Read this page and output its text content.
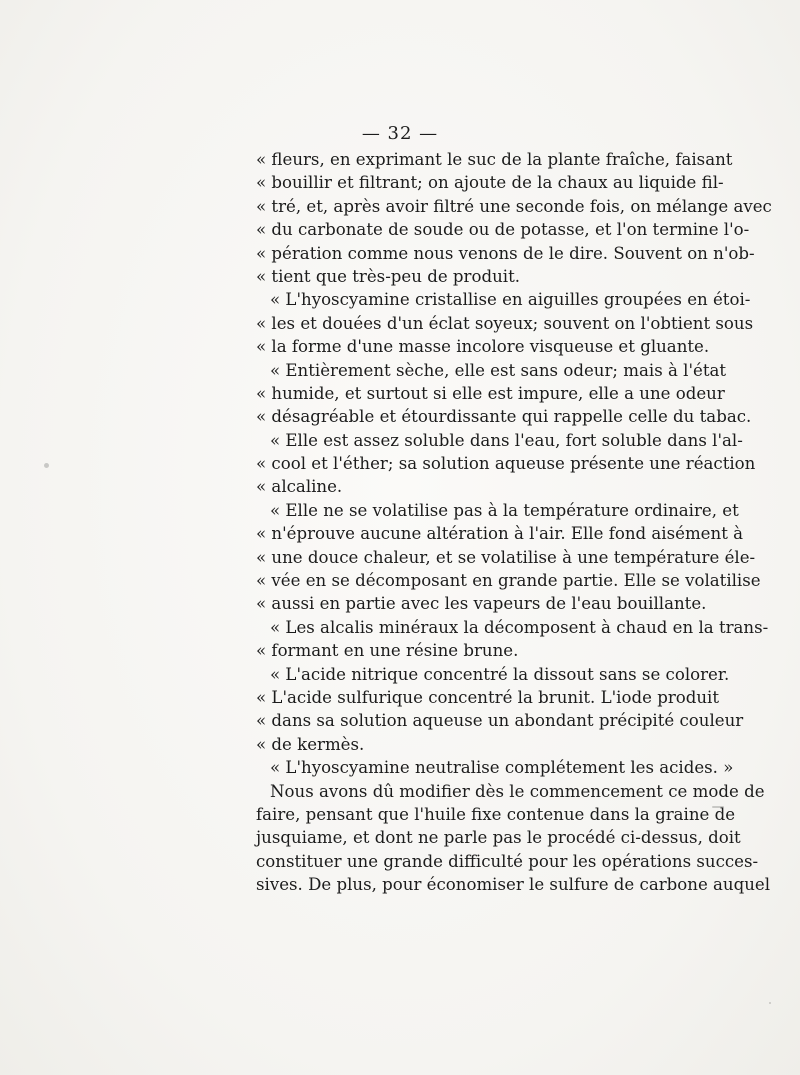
— 32 —
« fleurs, en exprimant le suc de la plante fraîche, faisant
« bouillir et filtrant; on ajoute de la chaux au liquide fil-
« tré, et, après avoir filtré une seconde fois, on mélange avec
« du carbonate de soude ou de potasse, et l'on termine l'o-
« pération comme nous venons de le dire. Souvent on n'ob-
« tient que très-peu de produit.
« L'hyoscyamine cristallise en aiguilles groupées en étoi-
« les et douées d'un éclat soyeux; souvent on l'obtient sous
« la forme d'une masse incolore visqueuse et gluante.
« Entièrement sèche, elle est sans odeur; mais à l'état
« humide, et surtout si elle est impure, elle a une odeur
« désagréable et étourdissante qui rappelle celle du tabac.
« Elle est assez soluble dans l'eau, fort soluble dans l'al-
« cool et l'éther; sa solution aqueuse présente une réaction
« alcaline.
« Elle ne se volatilise pas à la température ordinaire, et
« n'éprouve aucune altération à l'air. Elle fond aisément à
« une douce chaleur, et se volatilise à une température éle-
« vée en se décomposant en grande partie. Elle se volatilise
« aussi en partie avec les vapeurs de l'eau bouillante.
« Les alcalis minéraux la décomposent à chaud en la trans-
« formant en une résine brune.
« L'acide nitrique concentré la dissout sans se colorer.
« L'acide sulfurique concentré la brunit. L'iode produit
« dans sa solution aqueuse un abondant précipité couleur
« de kermès.
« L'hyoscyamine neutralise complétement les acides. »
Nous avons dû modifier dès le commencement ce mode de
faire, pensant que l'huile fixe contenue dans la graine de
jusquiame, et dont ne parle pas le procédé ci-dessus, doit
constituer une grande difficulté pour les opérations succes-
sives. De plus, pour économiser le sulfure de carbone auquel
